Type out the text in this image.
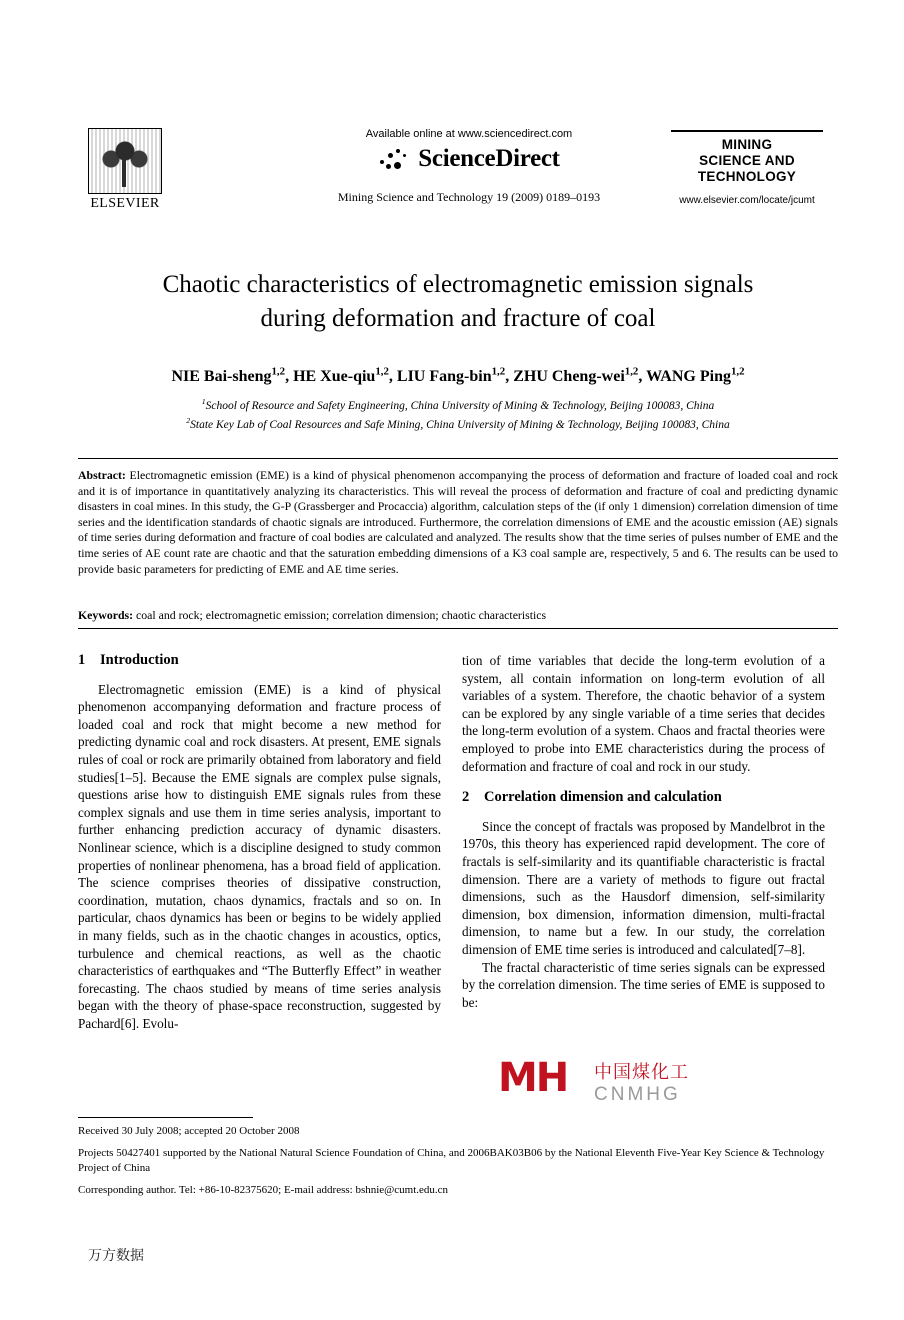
ELSEVIER
Available online at www.sciencedirect.com
ScienceDirect
Mining Science and Technology 19 (2009) 0189–0193
MINING
SCIENCE AND
TECHNOLOGY
www.elsevier.com/locate/jcumt
Chaotic characteristics of electromagnetic emission signals
during deformation and fracture of coal
NIE Bai-sheng$^{1,2}$, HE Xue-qiu$^{1,2}$, LIU Fang-bin$^{1,2}$, ZHU Cheng-wei$^{1,2}$, WANG Ping$^{1,2}$
$^1$School of Resource and Safety Engineering, China University of Mining & Technology, Beijing 100083, China
$^2$State Key Lab of Coal Resources and Safe Mining, China University of Mining & Technology, Beijing 100083, China
Abstract: Electromagnetic emission (EME) is a kind of physical phenomenon accompanying the process of deformation and fracture of loaded coal and rock and it is of importance in quantitatively analyzing its characteristics. This will reveal the process of deformation and fracture of coal and predicting dynamic disasters in coal mines. In this study, the G-P (Grassberger and Procaccia) algorithm, calculation steps of the (if only 1 dimension) correlation dimension of time series and the identification standards of chaotic signals are introduced. Furthermore, the correlation dimensions of EME and the acoustic emission (AE) signals of time series during deformation and fracture of coal bodies are calculated and analyzed. The results show that the time series of pulses number of EME and the time series of AE count rate are chaotic and that the saturation embedding dimensions of a K3 coal sample are, respectively, 5 and 6. The results can be used to provide basic parameters for predicting of EME and AE time series.
Keywords: coal and rock; electromagnetic emission; correlation dimension; chaotic characteristics
1 Introduction

Electromagnetic emission (EME) is a kind of physical phenomenon accompanying deformation and fracture process of loaded coal and rock that might become a new method for predicting dynamic coal and rock disasters. At present, EME signals rules of coal or rock are primarily obtained from laboratory and field studies[1–5]. Because the EME signals are complex pulse signals, questions arise how to distinguish EME signals rules from these complex signals and use them in time series analysis, important to further enhancing prediction accuracy of dynamic disasters. Nonlinear science, which is a discipline designed to study common properties of nonlinear phenomena, has a broad field of application. The science comprises theories of dissipative construction, coordination, mutation, chaos dynamics, fractals and so on. In particular, chaos dynamics has been or begins to be widely applied in many fields, such as in the chaotic changes in acoustics, optics, turbulence and chemical reactions, as well as the chaotic characteristics of earthquakes and “The Butterfly Effect” in weather forecasting. The chaos studied by means of time series analysis began with the theory of phase-space reconstruction, suggested by Pachard[6]. Evolu-

tion of time variables that decide the long-term evolution of a system, all contain information on long-term evolution of all variables of a system. Therefore, the chaotic behavior of a system can be explored by any single variable of a time series that decides the long-term evolution of a system. Chaos and fractal theories were employed to probe into EME characteristics during the process of deformation and fracture of coal and rock in our study.

2 Correlation dimension and calculation

Since the concept of fractals was proposed by Mandelbrot in the 1970s, this theory has experienced rapid development. The core of fractals is self-similarity and its quantifiable characteristic is fractal dimension. There are a variety of methods to figure out fractal dimensions, such as the Hausdorf dimension, self-similarity dimension, box dimension, information dimension, multi-fractal dimension, to name but a few. In our study, the correlation dimension of EME time series is introduced and calculated[7–8].

The fractal characteristic of time series signals can be expressed by the correlation dimension. The time series of EME is supposed to be:

MH 中国煤化工
CNMHG

Received 30 July 2008; accepted 20 October 2008

Projects 50427401 supported by the National Natural Science Foundation of China, and 2006BAK03B06 by the National Eleventh Five-Year Key Science & Technology Project of China

Corresponding author. Tel: +86-10-82375620; E-mail address: bshnie@cumt.edu.cn

万方数据
